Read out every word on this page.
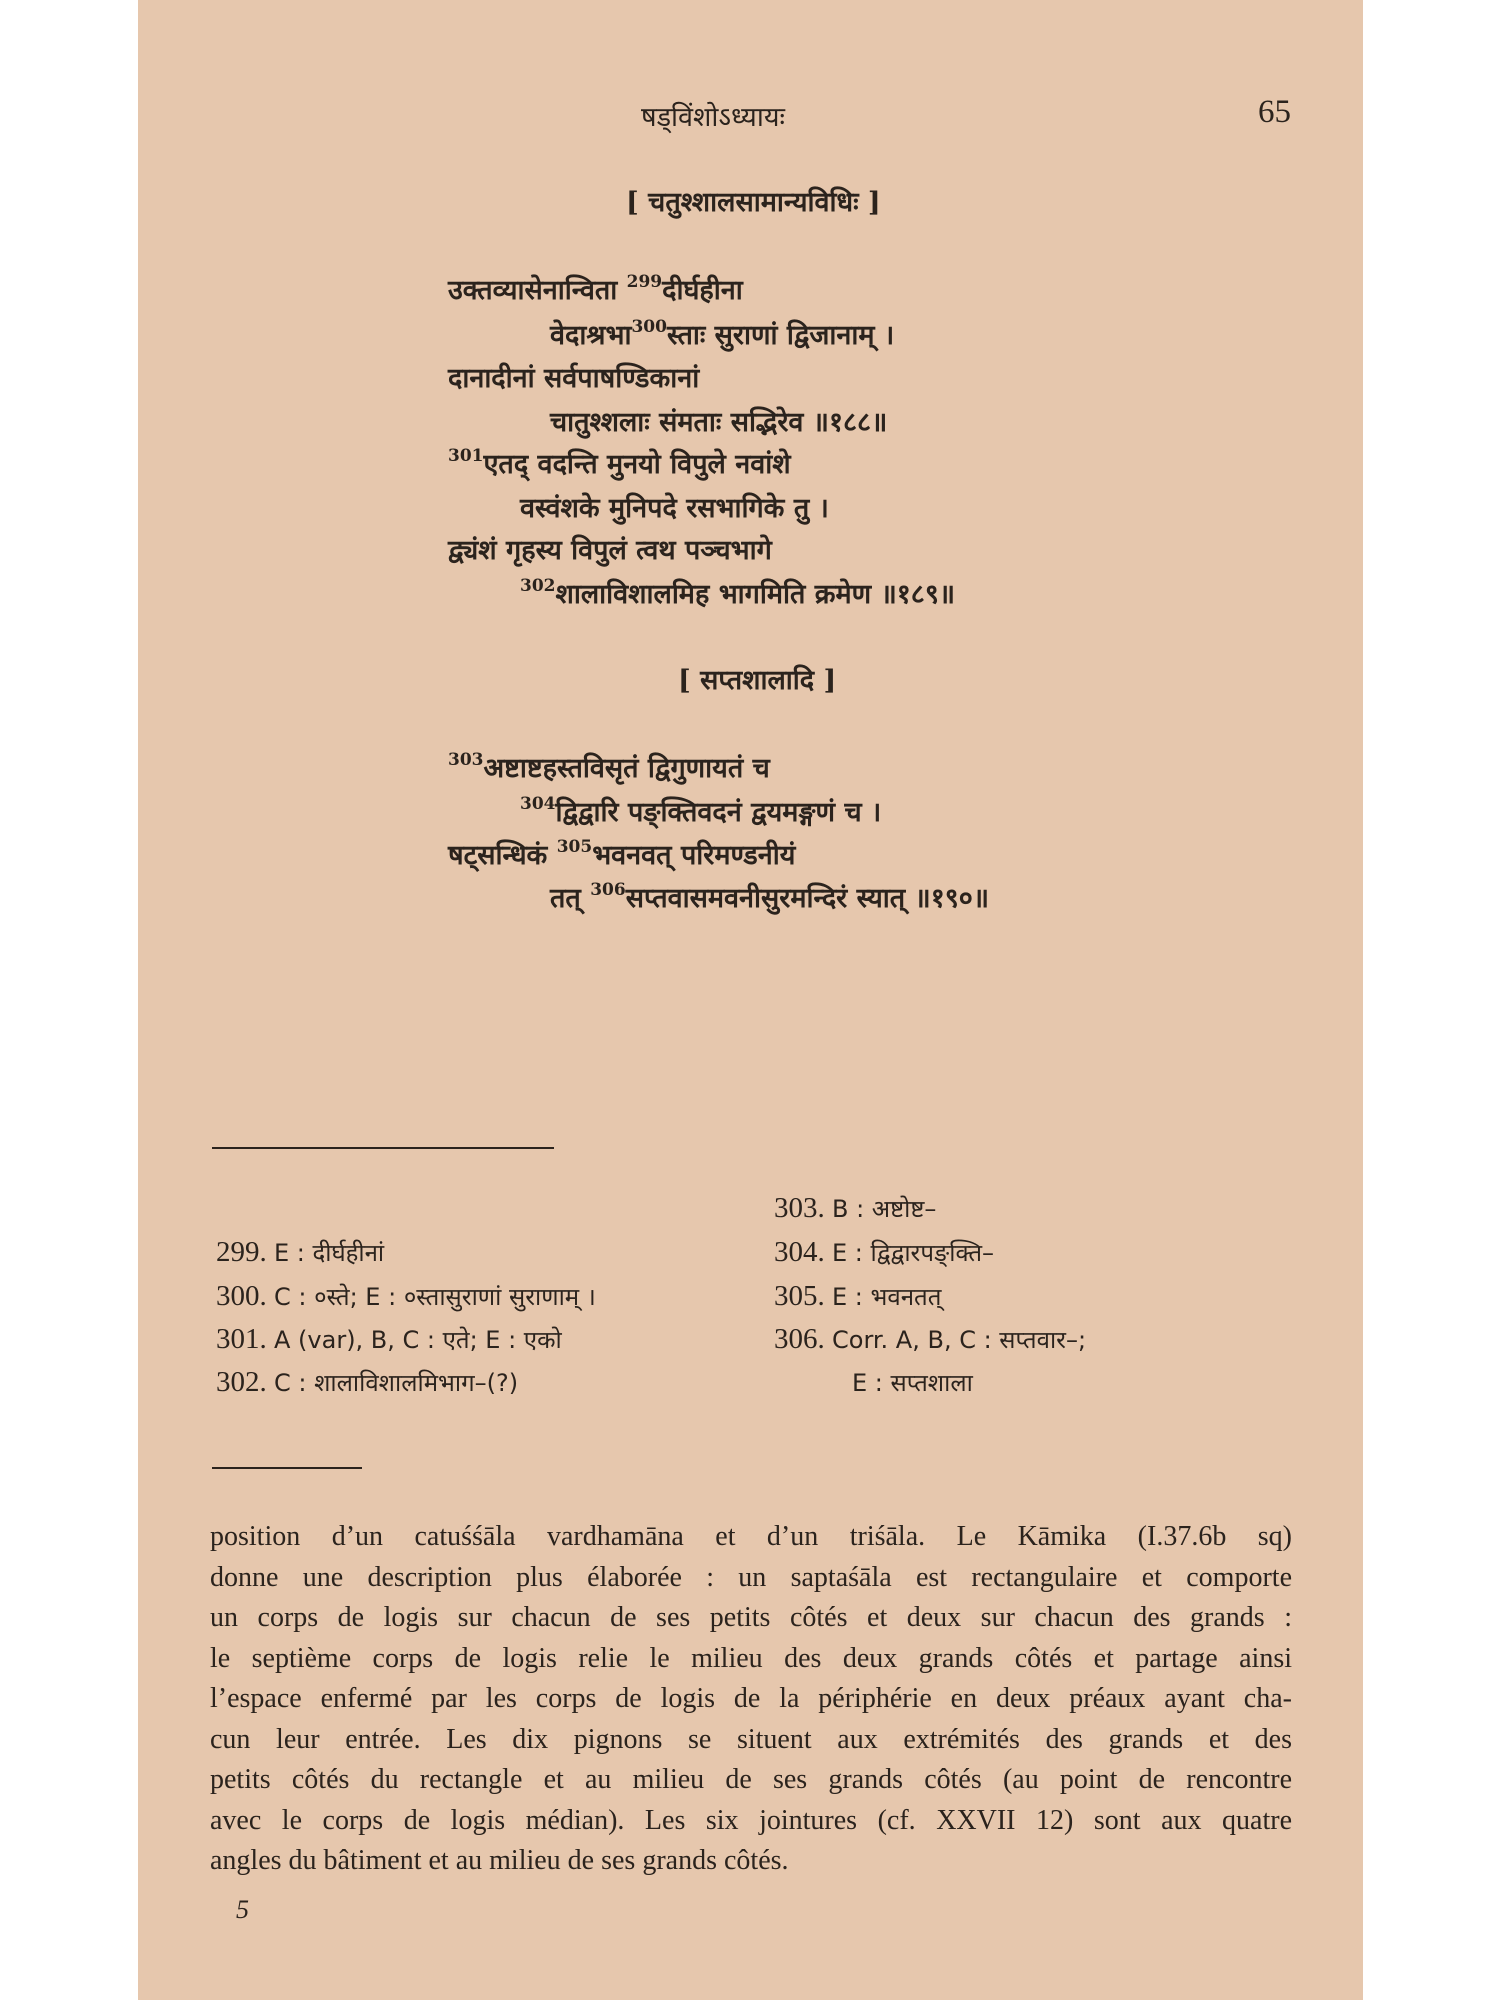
षड्विंशोऽध्यायः	65
[ चतुश्शालसामान्यविधिः ]
उक्तव्यासेनान्विता $^{299}$दीर्घहीना
वेदाश्रभा$^{300}$स्ताः सुराणां द्विजानाम् ।
दानादीनां सर्वपाषण्डिकानां
चातुश्शलाः संमताः सद्भिरेव ॥१८८॥
$^{301}$एतद् वदन्ति मुनयो विपुले नवांशे
वस्वंशके मुनिपदे रसभागिके तु ।
द्व्यंशं गृहस्य विपुलं त्वथ पञ्चभागे
$^{302}$शालाविशालमिह भागमिति क्रमेण ॥१८९॥
[ सप्तशालादि ]
$^{303}$अष्टाष्टहस्तविसृतं द्विगुणायतं च
$^{304}$द्विद्वारि पङ्क्तिवदनं द्वयमङ्गणं च ।
षट्सन्धिकं $^{305}$भवनवत् परिमण्डनीयं
तत् $^{306}$सप्तवासमवनीसुरमन्दिरं स्यात् ॥१९०॥
303. B : अष्टोष्ट–
304. E : द्विद्वारपङ्क्ति–
305. E : भवनतत्
306. Corr. A, B, C : सप्तवार–;
E : सप्तशाला
299. E : दीर्घहीनां
300. C : ०स्ते; E : ०स्तासुराणां सुराणाम् ।
301. A (var), B, C : एते; E : एको
302. C : शालाविशालमिभाग–(?)
position d’un catuśśāla vardhamāna et d’un triśāla. Le Kāmika (I.37.6b sq)
donne une description plus élaborée : un saptaśāla est rectangulaire et comporte
un corps de logis sur chacun de ses petits côtés et deux sur chacun des grands :
le septième corps de logis relie le milieu des deux grands côtés et partage ainsi
l’espace enfermé par les corps de logis de la périphérie en deux préaux ayant cha-
cun leur entrée. Les dix pignons se situent aux extrémités des grands et des
petits côtés du rectangle et au milieu de ses grands côtés (au point de rencontre
avec le corps de logis médian). Les six jointures (cf. XXVII 12) sont aux quatre
angles du bâtiment et au milieu de ses grands côtés.
5
